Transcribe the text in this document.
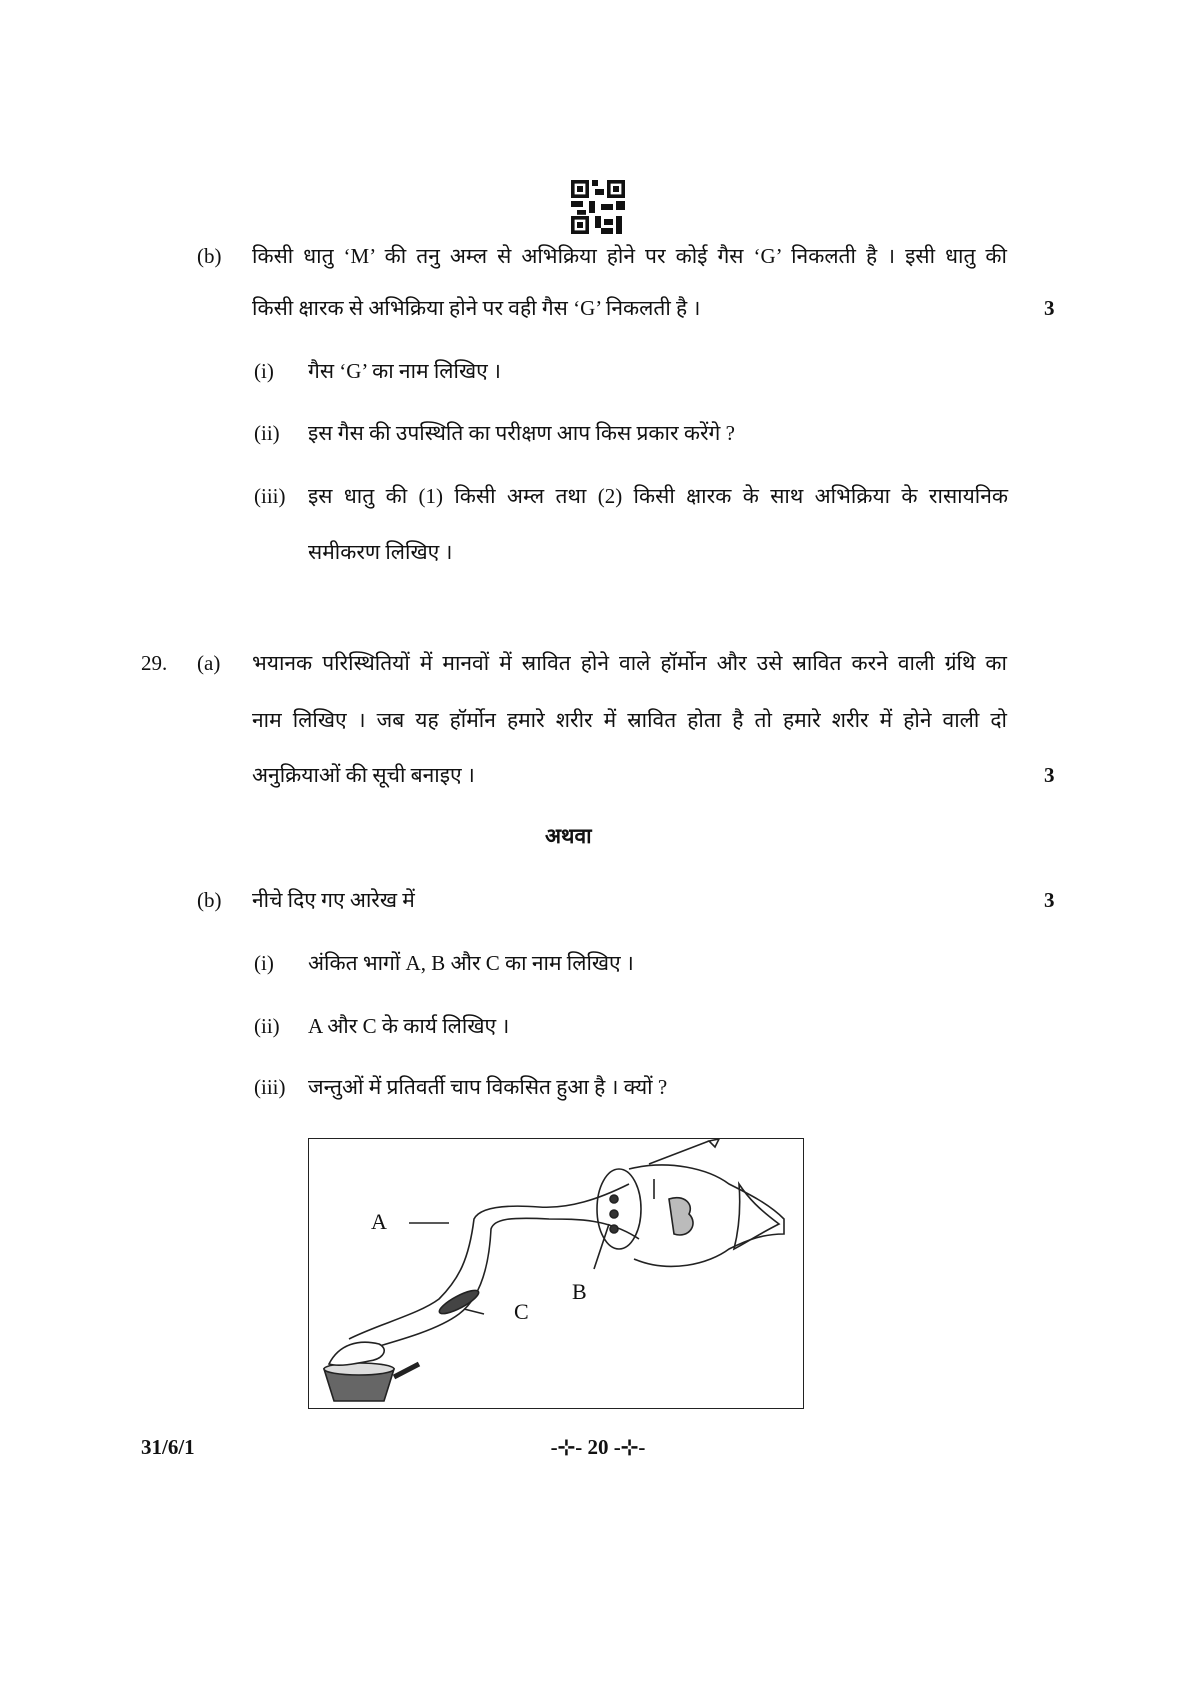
(b) किसी धातु ‘M’ की तनु अम्ल से अभिक्रिया होने पर कोई गैस ‘G’ निकलती है । इसी धातु की
किसी क्षारक से अभिक्रिया होने पर वही गैस ‘G’ निकलती है ।	3
(i) गैस ‘G’ का नाम लिखिए ।
(ii) इस गैस की उपस्थिति का परीक्षण आप किस प्रकार करेंगे ?
(iii) इस धातु की (1) किसी अम्ल तथा (2) किसी क्षारक के साथ अभिक्रिया के रासायनिक
समीकरण लिखिए ।
29. (a) भयानक परिस्थितियों में मानवों में स्रावित होने वाले हॉर्मोन और उसे स्रावित करने वाली ग्रंथि का
नाम लिखिए । जब यह हॉर्मोन हमारे शरीर में स्रावित होता है तो हमारे शरीर में होने वाली दो
अनुक्रियाओं की सूची बनाइए ।	3
अथवा
(b) नीचे दिए गए आरेख में	3
(i) अंकित भागों A, B और C का नाम लिखिए ।
(ii) A और C के कार्य लिखिए ।
(iii) जन्तुओं में प्रतिवर्ती चाप विकसित हुआ है । क्यों ?
A
B
C
31/6/1	-⊹- 20 -⊹-
